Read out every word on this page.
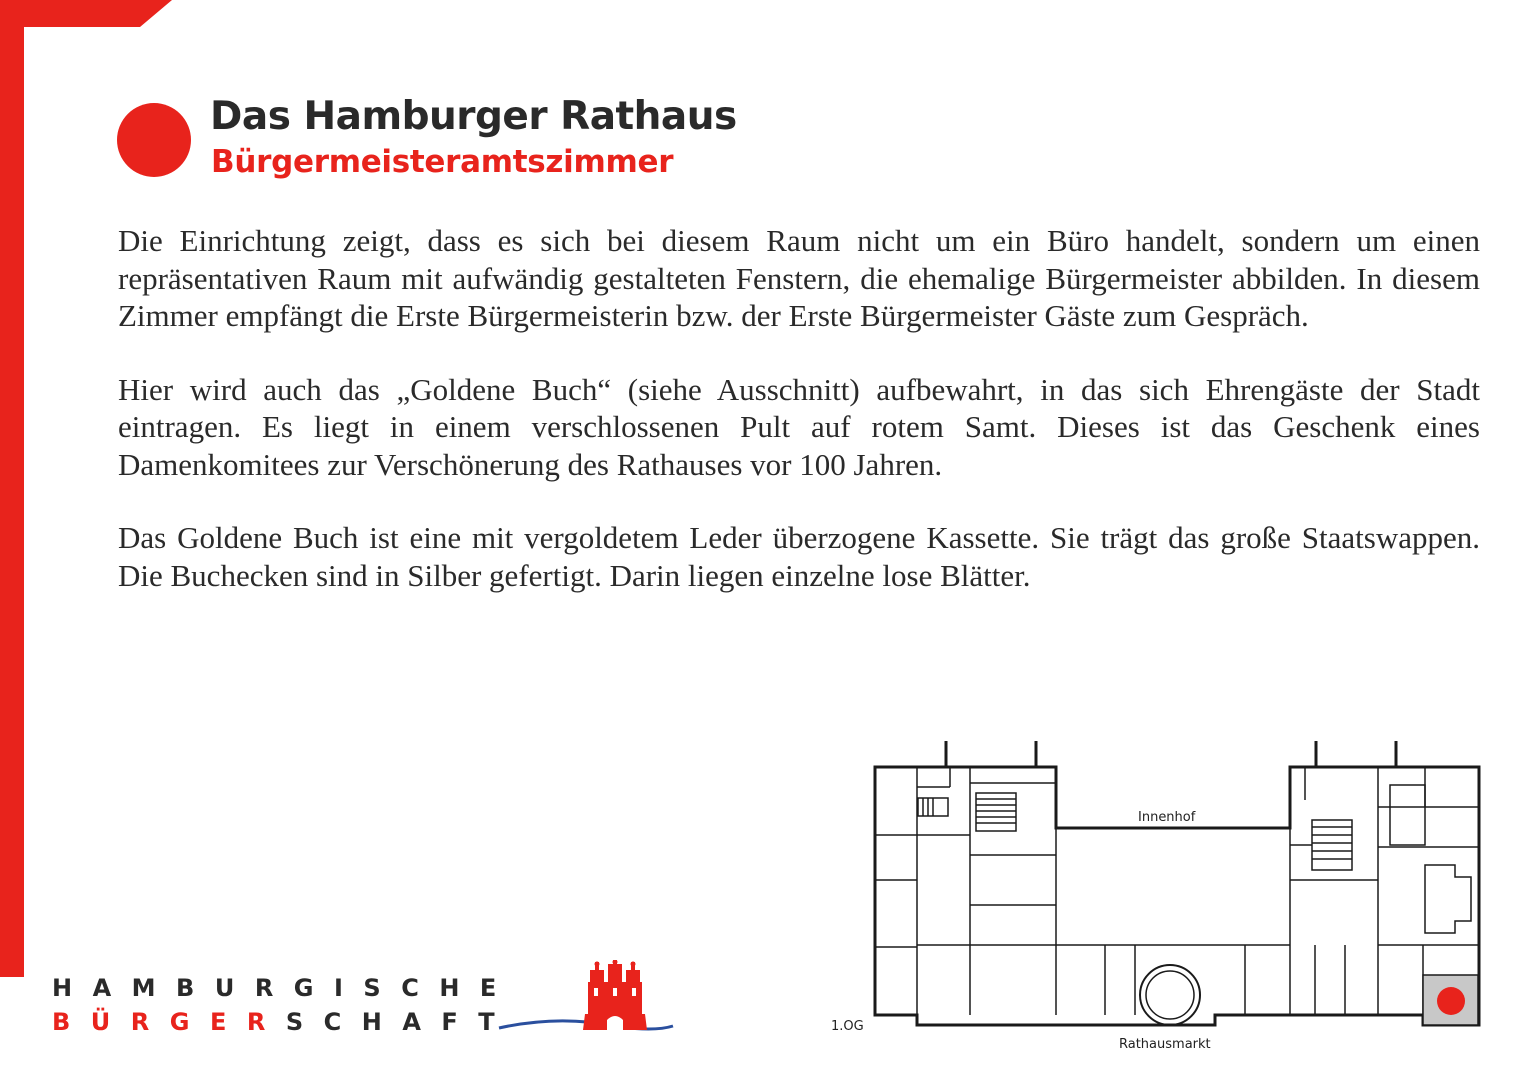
Das Hamburger Rathaus
Bürgermeisteramtszimmer

Die Einrichtung zeigt, dass es sich bei diesem Raum nicht um ein Büro handelt, sondern um einen repräsentativen Raum mit aufwändig gestalteten Fenstern, die ehemalige Bürgermeister abbilden. In diesem Zimmer empfängt die Erste Bürgermeisterin bzw. der Erste Bürgermeister Gäste zum Gespräch.

Hier wird auch das „Goldene Buch“ (siehe Ausschnitt) aufbewahrt, in das sich Ehrengäste der Stadt eintragen. Es liegt in einem verschlossenen Pult auf rotem Samt. Dieses ist das Geschenk eines Damenkomitees zur Verschönerung des Rathauses vor 100 Jahren.

Das Goldene Buch ist eine mit vergoldetem Leder überzogene Kassette. Sie trägt das große Staatswappen. Die Buchecken sind in Silber gefertigt. Darin liegen einzelne lose Blätter.

HAMBURGISCHE
BÜRGERSCHAFT
Innenhof
1.OG
Rathausmarkt
